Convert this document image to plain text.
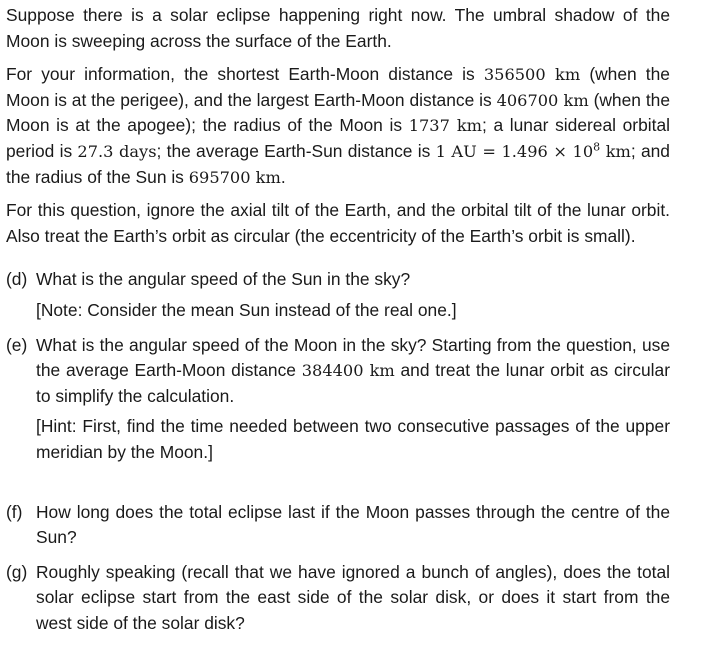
Suppose there is a solar eclipse happening right now. The umbral shadow of the Moon is sweeping across the surface of the Earth.

For your information, the shortest Earth-Moon distance is 356500 km (when the Moon is at the perigee), and the largest Earth-Moon distance is 406700 km (when the Moon is at the apogee); the radius of the Moon is 1737 km; a lunar sidereal orbital period is 27.3 days; the average Earth-Sun distance is 1 AU = $1.496 \times 10^8$ km; and the radius of the Sun is 695700 km.

For this question, ignore the axial tilt of the Earth, and the orbital tilt of the lunar orbit. Also treat the Earth’s orbit as circular (the eccentricity of the Earth’s orbit is small).

(d) What is the angular speed of the Sun in the sky?

[Note: Consider the mean Sun instead of the real one.]

(e) What is the angular speed of the Moon in the sky? Starting from the question, use the average Earth-Moon distance 384400 km and treat the lunar orbit as circular to simplify the calculation.

[Hint: First, find the time needed between two consecutive passages of the upper meridian by the Moon.]

(f) How long does the total eclipse last if the Moon passes through the centre of the Sun?

(g) Roughly speaking (recall that we have ignored a bunch of angles), does the total solar eclipse start from the east side of the solar disk, or does it start from the west side of the solar disk?
